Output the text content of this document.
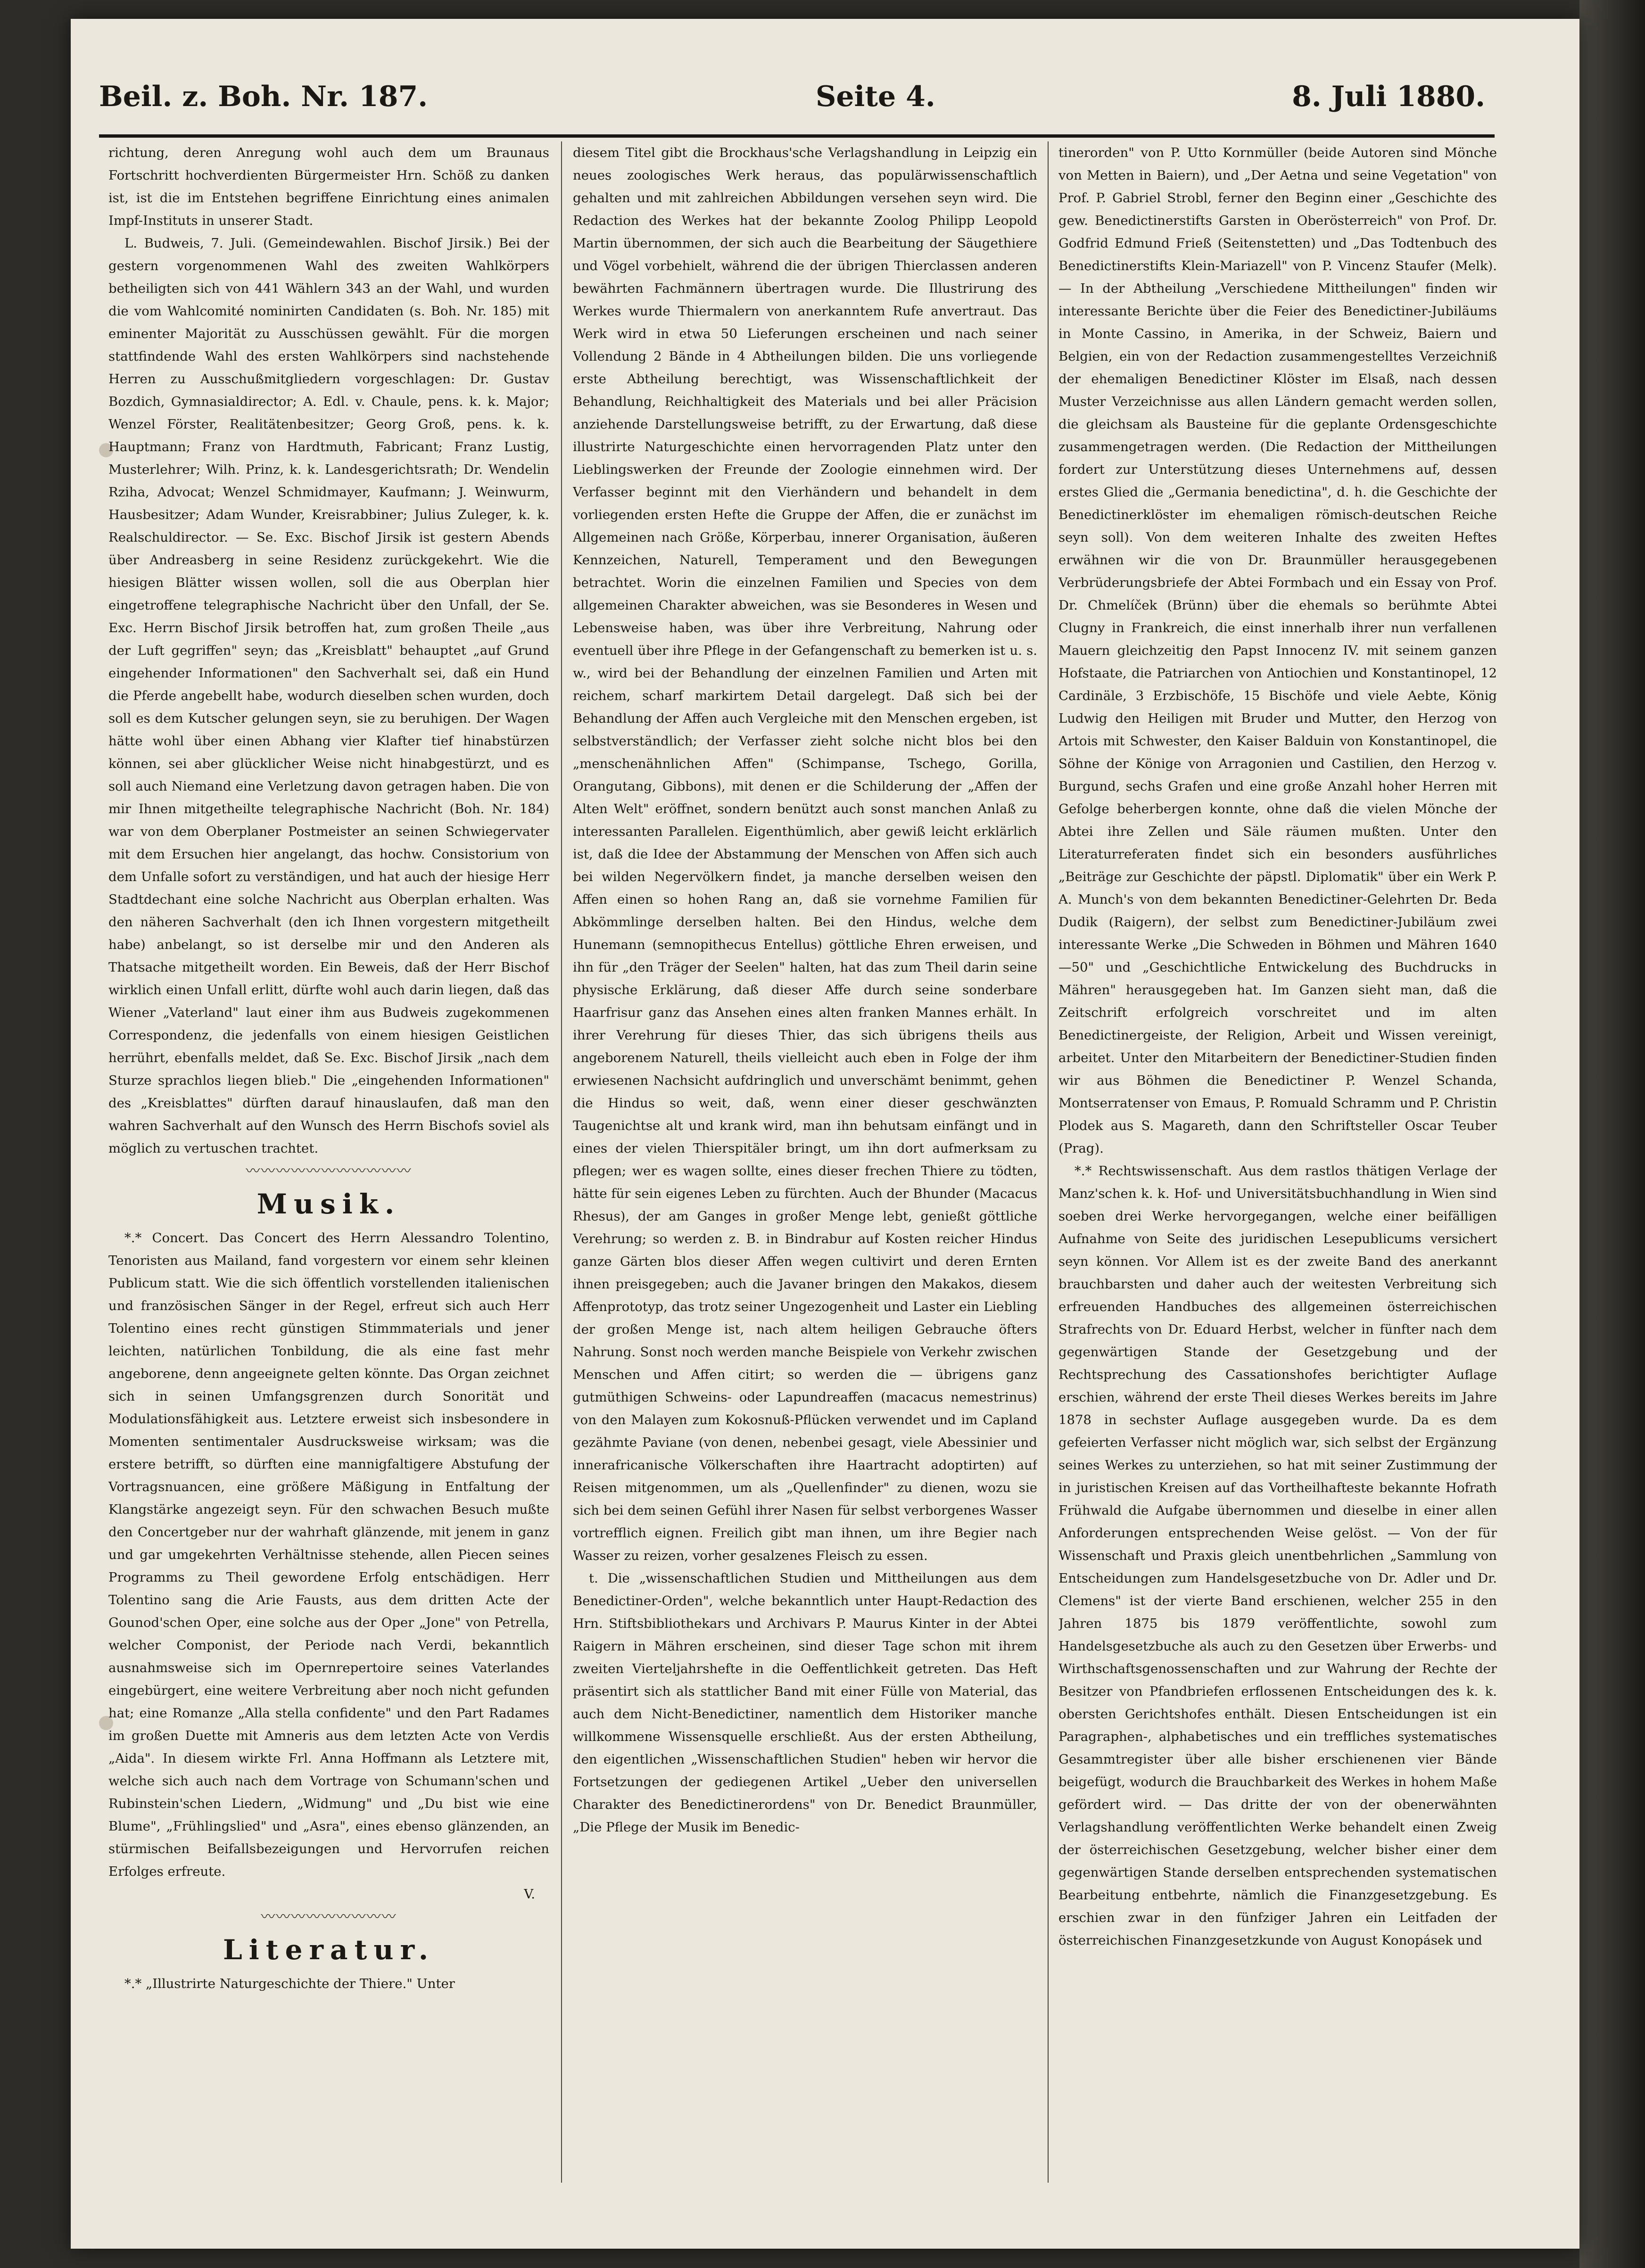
Beil. z. Boh. Nr. 187.	Seite 4.	8. Juli 1880.

richtung, deren Anregung wohl auch dem um Braunaus Fortschritt hochverdienten Bürgermeister Hrn. Schöß zu danken ist, ist die im Entstehen begriffene Einrichtung eines animalen Impf-Instituts in unserer Stadt.

L. Budweis, 7. Juli. (Gemeindewahlen. Bischof Jirsik.) Bei der gestern vorgenommenen Wahl des zweiten Wahlkörpers betheiligten sich von 441 Wählern 343 an der Wahl, und wurden die vom Wahlcomité nominirten Candidaten (s. Boh. Nr. 185) mit eminenter Majorität zu Ausschüssen gewählt. Für die morgen stattfindende Wahl des ersten Wahlkörpers sind nachstehende Herren zu Ausschußmitgliedern vorgeschlagen: Dr. Gustav Bozdich, Gymnasialdirector; A. Edl. v. Chaule, pens. k. k. Major; Wenzel Förster, Realitätenbesitzer; Georg Groß, pens. k. k. Hauptmann; Franz von Hardtmuth, Fabricant; Franz Lustig, Musterlehrer; Wilh. Prinz, k. k. Landesgerichtsrath; Dr. Wendelin Rziha, Advocat; Wenzel Schmidmayer, Kaufmann; J. Weinwurm, Hausbesitzer; Adam Wunder, Kreisrabbiner; Julius Zuleger, k. k. Realschuldirector. — Se. Exc. Bischof Jirsik ist gestern Abends über Andreasberg in seine Residenz zurückgekehrt. Wie die hiesigen Blätter wissen wollen, soll die aus Oberplan hier eingetroffene telegraphische Nachricht über den Unfall, der Se. Exc. Herrn Bischof Jirsik betroffen hat, zum großen Theile „aus der Luft gegriffen" seyn; das „Kreisblatt" behauptet „auf Grund eingehender Informationen" den Sachverhalt sei, daß ein Hund die Pferde angebellt habe, wodurch dieselben schen wurden, doch soll es dem Kutscher gelungen seyn, sie zu beruhigen. Der Wagen hätte wohl über einen Abhang vier Klafter tief hinabstürzen können, sei aber glücklicher Weise nicht hinabgestürzt, und es soll auch Niemand eine Verletzung davon getragen haben. Die von mir Ihnen mitgetheilte telegraphische Nachricht (Boh. Nr. 184) war von dem Oberplaner Postmeister an seinen Schwiegervater mit dem Ersuchen hier angelangt, das hochw. Consistorium von dem Unfalle sofort zu verständigen, und hat auch der hiesige Herr Stadtdechant eine solche Nachricht aus Oberplan erhalten. Was den näheren Sachverhalt (den ich Ihnen vorgestern mitgetheilt habe) anbelangt, so ist derselbe mir und den Anderen als Thatsache mitgetheilt worden. Ein Beweis, daß der Herr Bischof wirklich einen Unfall erlitt, dürfte wohl auch darin liegen, daß das Wiener „Vaterland" laut einer ihm aus Budweis zugekommenen Correspondenz, die jedenfalls von einem hiesigen Geistlichen herrührt, ebenfalls meldet, daß Se. Exc. Bischof Jirsik „nach dem Sturze sprachlos liegen blieb." Die „eingehenden Informationen" des „Kreisblattes" dürften darauf hinauslaufen, daß man den wahren Sachverhalt auf den Wunsch des Herrn Bischofs soviel als möglich zu vertuschen trachtet.

〰〰〰〰〰〰〰〰〰〰〰
Musik.

*.* Concert. Das Concert des Herrn Alessandro Tolentino, Tenoristen aus Mailand, fand vorgestern vor einem sehr kleinen Publicum statt. Wie die sich öffentlich vorstellenden italienischen und französischen Sänger in der Regel, erfreut sich auch Herr Tolentino eines recht günstigen Stimmmaterials und jener leichten, natürlichen Tonbildung, die als eine fast mehr angeborene, denn angeeignete gelten könnte. Das Organ zeichnet sich in seinen Umfangsgrenzen durch Sonorität und Modulationsfähigkeit aus. Letztere erweist sich insbesondere in Momenten sentimentaler Ausdrucksweise wirksam; was die erstere betrifft, so dürften eine mannigfaltigere Abstufung der Vortragsnuancen, eine größere Mäßigung in Entfaltung der Klangstärke angezeigt seyn. Für den schwachen Besuch mußte den Concertgeber nur der wahrhaft glänzende, mit jenem in ganz und gar umgekehrten Verhältnisse stehende, allen Piecen seines Programms zu Theil gewordene Erfolg entschädigen. Herr Tolentino sang die Arie Fausts, aus dem dritten Acte der Gounod'schen Oper, eine solche aus der Oper „Jone" von Petrella, welcher Componist, der Periode nach Verdi, bekanntlich ausnahmsweise sich im Opernrepertoire seines Vaterlandes eingebürgert, eine weitere Verbreitung aber noch nicht gefunden hat; eine Romanze „Alla stella confidente" und den Part Radames im großen Duette mit Amneris aus dem letzten Acte von Verdis „Aida". In diesem wirkte Frl. Anna Hoffmann als Letztere mit, welche sich auch nach dem Vortrage von Schumann'schen und Rubinstein'schen Liedern, „Widmung" und „Du bist wie eine Blume", „Frühlingslied" und „Asra", eines ebenso glänzenden, an stürmischen Beifallsbezeigungen und Hervorrufen reichen Erfolges erfreute.

V.

〰〰〰〰〰〰〰〰〰
Literatur.

*.* „Illustrirte Naturgeschichte der Thiere." Unter

diesem Titel gibt die Brockhaus'sche Verlagshandlung in Leipzig ein neues zoologisches Werk heraus, das populärwissenschaftlich gehalten und mit zahlreichen Abbildungen versehen seyn wird. Die Redaction des Werkes hat der bekannte Zoolog Philipp Leopold Martin übernommen, der sich auch die Bearbeitung der Säugethiere und Vögel vorbehielt, während die der übrigen Thierclassen anderen bewährten Fachmännern übertragen wurde. Die Illustrirung des Werkes wurde Thiermalern von anerkanntem Rufe anvertraut. Das Werk wird in etwa 50 Lieferungen erscheinen und nach seiner Vollendung 2 Bände in 4 Abtheilungen bilden. Die uns vorliegende erste Abtheilung berechtigt, was Wissenschaftlichkeit der Behandlung, Reichhaltigkeit des Materials und bei aller Präcision anziehende Darstellungsweise betrifft, zu der Erwartung, daß diese illustrirte Naturgeschichte einen hervorragenden Platz unter den Lieblingswerken der Freunde der Zoologie einnehmen wird. Der Verfasser beginnt mit den Vierhändern und behandelt in dem vorliegenden ersten Hefte die Gruppe der Affen, die er zunächst im Allgemeinen nach Größe, Körperbau, innerer Organisation, äußeren Kennzeichen, Naturell, Temperament und den Bewegungen betrachtet. Worin die einzelnen Familien und Species von dem allgemeinen Charakter abweichen, was sie Besonderes in Wesen und Lebensweise haben, was über ihre Verbreitung, Nahrung oder eventuell über ihre Pflege in der Gefangenschaft zu bemerken ist u. s. w., wird bei der Behandlung der einzelnen Familien und Arten mit reichem, scharf markirtem Detail dargelegt. Daß sich bei der Behandlung der Affen auch Vergleiche mit den Menschen ergeben, ist selbstverständlich; der Verfasser zieht solche nicht blos bei den „menschenähnlichen Affen" (Schimpanse, Tschego, Gorilla, Orangutang, Gibbons), mit denen er die Schilderung der „Affen der Alten Welt" eröffnet, sondern benützt auch sonst manchen Anlaß zu interessanten Parallelen. Eigenthümlich, aber gewiß leicht erklärlich ist, daß die Idee der Abstammung der Menschen von Affen sich auch bei wilden Negervölkern findet, ja manche derselben weisen den Affen einen so hohen Rang an, daß sie vornehme Familien für Abkömmlinge derselben halten. Bei den Hindus, welche dem Hunemann (semnopithecus Entellus) göttliche Ehren erweisen, und ihn für „den Träger der Seelen" halten, hat das zum Theil darin seine physische Erklärung, daß dieser Affe durch seine sonderbare Haarfrisur ganz das Ansehen eines alten franken Mannes erhält. In ihrer Verehrung für dieses Thier, das sich übrigens theils aus angeborenem Naturell, theils vielleicht auch eben in Folge der ihm erwiesenen Nachsicht aufdringlich und unverschämt benimmt, gehen die Hindus so weit, daß, wenn einer dieser geschwänzten Taugenichtse alt und krank wird, man ihn behutsam einfängt und in eines der vielen Thierspitäler bringt, um ihn dort aufmerksam zu pflegen; wer es wagen sollte, eines dieser frechen Thiere zu tödten, hätte für sein eigenes Leben zu fürchten. Auch der Bhunder (Macacus Rhesus), der am Ganges in großer Menge lebt, genießt göttliche Verehrung; so werden z. B. in Bindrabur auf Kosten reicher Hindus ganze Gärten blos dieser Affen wegen cultivirt und deren Ernten ihnen preisgegeben; auch die Javaner bringen den Makakos, diesem Affenprototyp, das trotz seiner Ungezogenheit und Laster ein Liebling der großen Menge ist, nach altem heiligen Gebrauche öfters Nahrung. Sonst noch werden manche Beispiele von Verkehr zwischen Menschen und Affen citirt; so werden die — übrigens ganz gutmüthigen Schweins- oder Lapundreaffen (macacus nemestrinus) von den Malayen zum Kokosnuß-Pflücken verwendet und im Capland gezähmte Paviane (von denen, nebenbei gesagt, viele Abessinier und innerafricanische Völkerschaften ihre Haartracht adoptirten) auf Reisen mitgenommen, um als „Quellenfinder" zu dienen, wozu sie sich bei dem seinen Gefühl ihrer Nasen für selbst verborgenes Wasser vortrefflich eignen. Freilich gibt man ihnen, um ihre Begier nach Wasser zu reizen, vorher gesalzenes Fleisch zu essen.

t. Die „wissenschaftlichen Studien und Mittheilungen aus dem Benedictiner-Orden", welche bekanntlich unter Haupt-Redaction des Hrn. Stiftsbibliothekars und Archivars P. Maurus Kinter in der Abtei Raigern in Mähren erscheinen, sind dieser Tage schon mit ihrem zweiten Vierteljahrshefte in die Oeffentlichkeit getreten. Das Heft präsentirt sich als stattlicher Band mit einer Fülle von Material, das auch dem Nicht-Benedictiner, namentlich dem Historiker manche willkommene Wissensquelle erschließt. Aus der ersten Abtheilung, den eigentlichen „Wissenschaftlichen Studien" heben wir hervor die Fortsetzungen der gediegenen Artikel „Ueber den universellen Charakter des Benedictinerordens" von Dr. Benedict Braunmüller, „Die Pflege der Musik im Benedic-

tinerorden" von P. Utto Kornmüller (beide Autoren sind Mönche von Metten in Baiern), und „Der Aetna und seine Vegetation" von Prof. P. Gabriel Strobl, ferner den Beginn einer „Geschichte des gew. Benedictinerstifts Garsten in Oberösterreich" von Prof. Dr. Godfrid Edmund Frieß (Seitenstetten) und „Das Todtenbuch des Benedictinerstifts Klein-Mariazell" von P. Vincenz Staufer (Melk). — In der Abtheilung „Verschiedene Mittheilungen" finden wir interessante Berichte über die Feier des Benedictiner-Jubiläums in Monte Cassino, in Amerika, in der Schweiz, Baiern und Belgien, ein von der Redaction zusammengestelltes Verzeichniß der ehemaligen Benedictiner Klöster im Elsaß, nach dessen Muster Verzeichnisse aus allen Ländern gemacht werden sollen, die gleichsam als Bausteine für die geplante Ordensgeschichte zusammengetragen werden. (Die Redaction der Mittheilungen fordert zur Unterstützung dieses Unternehmens auf, dessen erstes Glied die „Germania benedictina", d. h. die Geschichte der Benedictinerklöster im ehemaligen römisch-deutschen Reiche seyn soll). Von dem weiteren Inhalte des zweiten Heftes erwähnen wir die von Dr. Braunmüller herausgegebenen Verbrüderungsbriefe der Abtei Formbach und ein Essay von Prof. Dr. Chmelíček (Brünn) über die ehemals so berühmte Abtei Clugny in Frankreich, die einst innerhalb ihrer nun verfallenen Mauern gleichzeitig den Papst Innocenz IV. mit seinem ganzen Hofstaate, die Patriarchen von Antiochien und Konstantinopel, 12 Cardinäle, 3 Erzbischöfe, 15 Bischöfe und viele Aebte, König Ludwig den Heiligen mit Bruder und Mutter, den Herzog von Artois mit Schwester, den Kaiser Balduin von Konstantinopel, die Söhne der Könige von Arragonien und Castilien, den Herzog v. Burgund, sechs Grafen und eine große Anzahl hoher Herren mit Gefolge beherbergen konnte, ohne daß die vielen Mönche der Abtei ihre Zellen und Säle räumen mußten. Unter den Literaturreferaten findet sich ein besonders ausführliches „Beiträge zur Geschichte der päpstl. Diplomatik" über ein Werk P. A. Munch's von dem bekannten Benedictiner-Gelehrten Dr. Beda Dudik (Raigern), der selbst zum Benedictiner-Jubiläum zwei interessante Werke „Die Schweden in Böhmen und Mähren 1640—50" und „Geschichtliche Entwickelung des Buchdrucks in Mähren" herausgegeben hat. Im Ganzen sieht man, daß die Zeitschrift erfolgreich vorschreitet und im alten Benedictinergeiste, der Religion, Arbeit und Wissen vereinigt, arbeitet. Unter den Mitarbeitern der Benedictiner-Studien finden wir aus Böhmen die Benedictiner P. Wenzel Schanda, Montserratenser von Emaus, P. Romuald Schramm und P. Christin Plodek aus S. Magareth, dann den Schriftsteller Oscar Teuber (Prag).

*.* Rechtswissenschaft. Aus dem rastlos thätigen Verlage der Manz'schen k. k. Hof- und Universitätsbuchhandlung in Wien sind soeben drei Werke hervorgegangen, welche einer beifälligen Aufnahme von Seite des juridischen Lesepublicums versichert seyn können. Vor Allem ist es der zweite Band des anerkannt brauchbarsten und daher auch der weitesten Verbreitung sich erfreuenden Handbuches des allgemeinen österreichischen Strafrechts von Dr. Eduard Herbst, welcher in fünfter nach dem gegenwärtigen Stande der Gesetzgebung und der Rechtsprechung des Cassationshofes berichtigter Auflage erschien, während der erste Theil dieses Werkes bereits im Jahre 1878 in sechster Auflage ausgegeben wurde. Da es dem gefeierten Verfasser nicht möglich war, sich selbst der Ergänzung seines Werkes zu unterziehen, so hat mit seiner Zustimmung der in juristischen Kreisen auf das Vortheilhafteste bekannte Hofrath Frühwald die Aufgabe übernommen und dieselbe in einer allen Anforderungen entsprechenden Weise gelöst. — Von der für Wissenschaft und Praxis gleich unentbehrlichen „Sammlung von Entscheidungen zum Handelsgesetzbuche von Dr. Adler und Dr. Clemens" ist der vierte Band erschienen, welcher 255 in den Jahren 1875 bis 1879 veröffentlichte, sowohl zum Handelsgesetzbuche als auch zu den Gesetzen über Erwerbs- und Wirthschaftsgenossenschaften und zur Wahrung der Rechte der Besitzer von Pfandbriefen erflossenen Entscheidungen des k. k. obersten Gerichtshofes enthält. Diesen Entscheidungen ist ein Paragraphen-, alphabetisches und ein treffliches systematisches Gesammtregister über alle bisher erschienenen vier Bände beigefügt, wodurch die Brauchbarkeit des Werkes in hohem Maße gefördert wird. — Das dritte der von der obenerwähnten Verlagshandlung veröffentlichten Werke behandelt einen Zweig der österreichischen Gesetzgebung, welcher bisher einer dem gegenwärtigen Stande derselben entsprechenden systematischen Bearbeitung entbehrte, nämlich die Finanzgesetzgebung. Es erschien zwar in den fünfziger Jahren ein Leitfaden der österreichischen Finanzgesetzkunde von August Konopásek und
